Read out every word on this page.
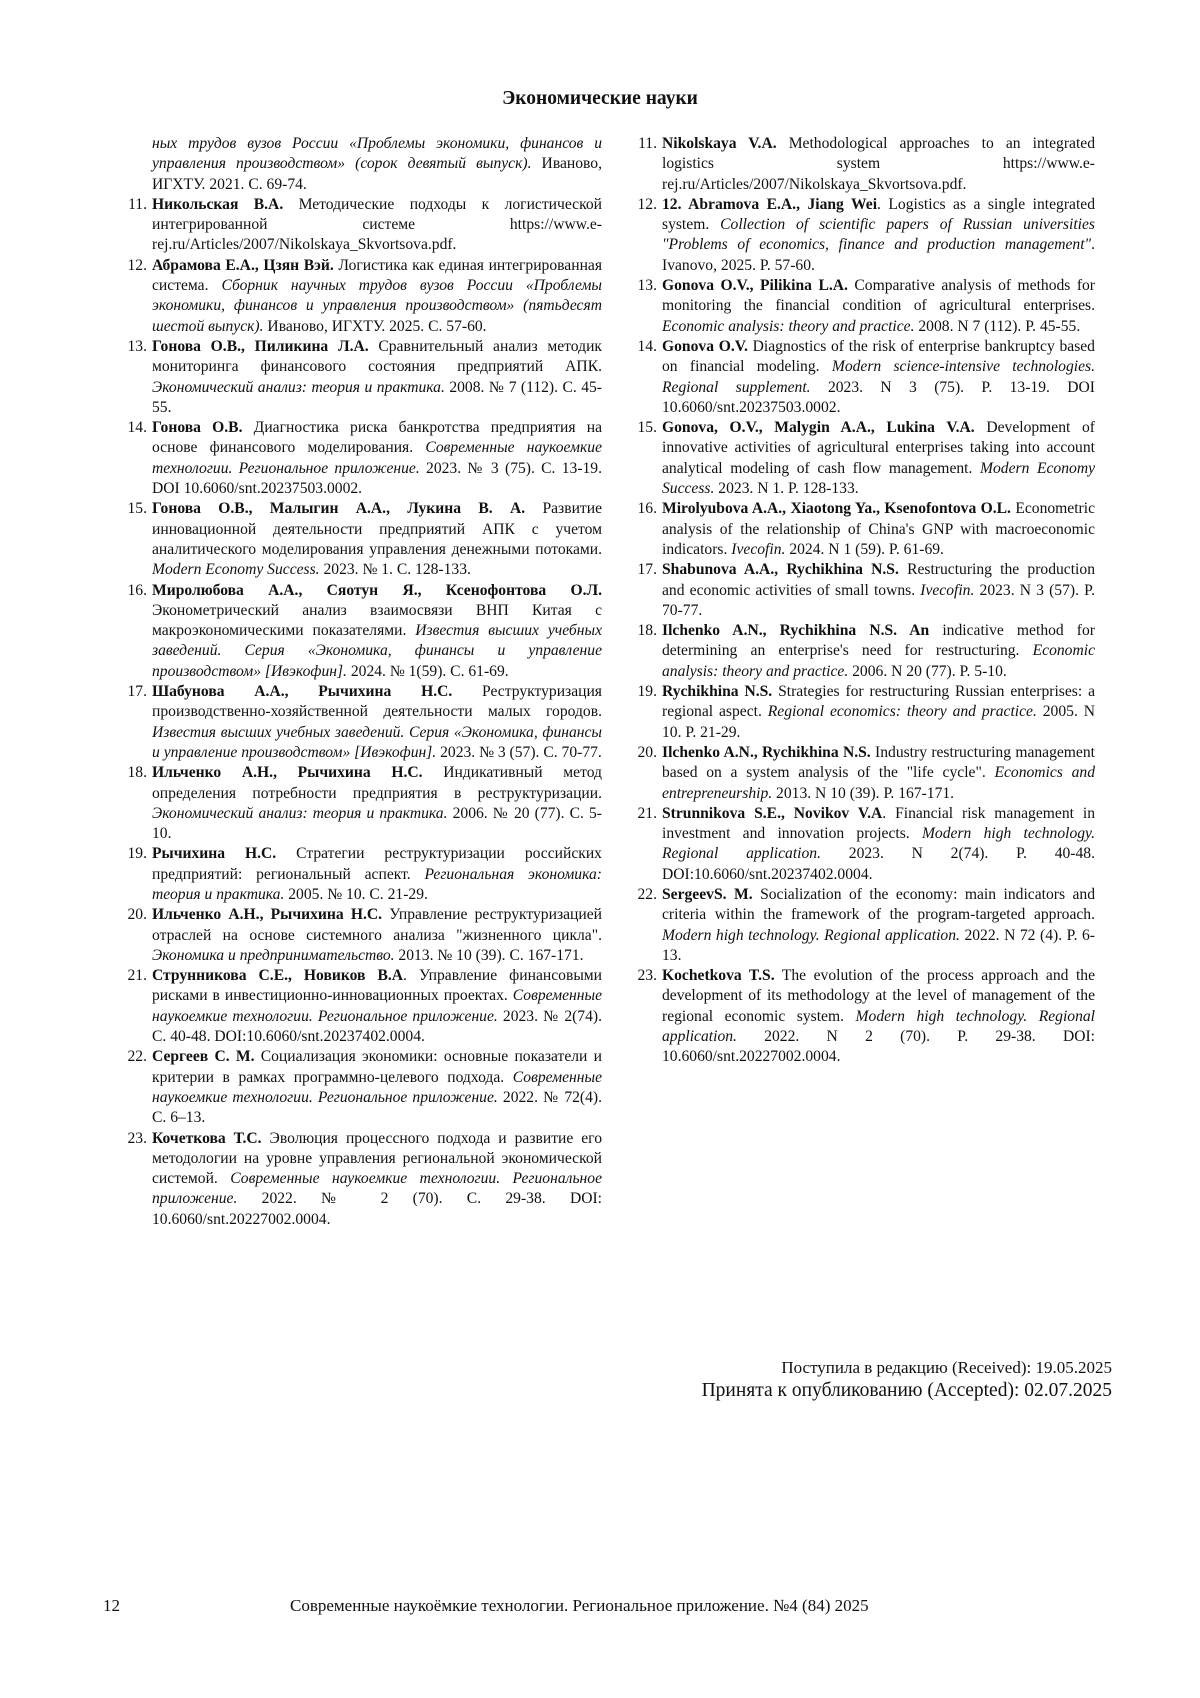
Экономические науки
ных трудов вузов России «Проблемы экономики, финансов и управления производством» (сорок девятый выпуск). Иваново, ИГХТУ. 2021. С. 69-74.
11. Никольская В.А. Методические подходы к логистической интегрированной системе https://www.e-rej.ru/Articles/2007/Nikolskaya_Skvortsova.pdf.
12. Абрамова Е.А., Цзян Вэй. Логистика как единая интегрированная система. Сборник научных трудов вузов России «Проблемы экономики, финансов и управления производством» (пятьдесят шестой выпуск). Иваново, ИГХТУ. 2025. С. 57-60.
13. Гонова О.В., Пиликина Л.А. Сравнительный анализ методик мониторинга финансового состояния предприятий АПК. Экономический анализ: теория и практика. 2008. № 7 (112). С. 45-55.
14. Гонова О.В. Диагностика риска банкротства предприятия на основе финансового моделирования. Современные наукоемкие технологии. Региональное приложение. 2023. № 3 (75). С. 13-19. DOI 10.6060/snt.20237503.0002.
15. Гонова О.В., Малыгин А.А., Лукина В. А. Развитие инновационной деятельности предприятий АПК с учетом аналитического моделирования управления денежными потоками. Modern Economy Success. 2023. № 1. С. 128-133.
16. Миролюбова А.А., Сяотун Я., Ксенофонтова О.Л. Эконометрический анализ взаимосвязи ВНП Китая с макроэкономическими показателями. Известия высших учебных заведений. Серия «Экономика, финансы и управление производством» [Ивэкофин]. 2024. № 1(59). С. 61-69.
17. Шабунова А.А., Рычихина Н.С. Реструктуризация производственно-хозяйственной деятельности малых городов. Известия высших учебных заведений. Серия «Экономика, финансы и управление производством» [Ивэкофин]. 2023. № 3 (57). С. 70-77.
18. Ильченко А.Н., Рычихина Н.С. Индикативный метод определения потребности предприятия в реструктуризации. Экономический анализ: теория и практика. 2006. № 20 (77). С. 5-10.
19. Рычихина Н.С. Стратегии реструктуризации российских предприятий: региональный аспект. Региональная экономика: теория и практика. 2005. № 10. С. 21-29.
20. Ильченко А.Н., Рычихина Н.С. Управление реструктуризацией отраслей на основе системного анализа "жизненного цикла". Экономика и предпринимательство. 2013. № 10 (39). С. 167-171.
21. Струнникова С.Е., Новиков В.А. Управление финансовыми рисками в инвестиционно-инновационных проектах. Современные наукоемкие технологии. Региональное приложение. 2023. № 2(74). С. 40-48. DOI:10.6060/snt.20237402.0004.
22. Сергеев С. М. Социализация экономики: основные показатели и критерии в рамках программно-целевого подхода. Современные наукоемкие технологии. Региональное приложение. 2022. № 72(4). С. 6–13.
23. Кочеткова Т.С. Эволюция процессного подхода и развитие его методологии на уровне управления региональной экономической системой. Современные наукоемкие технологии. Региональное приложение. 2022. № 2 (70). С. 29-38. DOI: 10.6060/snt.20227002.0004.
11. Nikolskaya V.A. Methodological approaches to an integrated logistics system https://www.e-rej.ru/Articles/2007/Nikolskaya_Skvortsova.pdf.
12. 12. Abramova E.A., Jiang Wei. Logistics as a single integrated system. Collection of scientific papers of Russian universities "Problems of economics, finance and production management". Ivanovo, 2025. P. 57-60.
13. Gonova O.V., Pilikina L.A. Comparative analysis of methods for monitoring the financial condition of agricultural enterprises. Economic analysis: theory and practice. 2008. N 7 (112). P. 45-55.
14. Gonova O.V. Diagnostics of the risk of enterprise bankruptcy based on financial modeling. Modern science-intensive technologies. Regional supplement. 2023. N 3 (75). P. 13-19. DOI 10.6060/snt.20237503.0002.
15. Gonova, O.V., Malygin A.A., Lukina V.A. Development of innovative activities of agricultural enterprises taking into account analytical modeling of cash flow management. Modern Economy Success. 2023. N 1. P. 128-133.
16. Mirolyubova A.A., Xiaotong Ya., Ksenofontova O.L. Econometric analysis of the relationship of China's GNP with macroeconomic indicators. Ivecofin. 2024. N 1 (59). P. 61-69.
17. Shabunova A.A., Rychikhina N.S. Restructuring the production and economic activities of small towns. Ivecofin. 2023. N 3 (57). P. 70-77.
18. Ilchenko A.N., Rychikhina N.S. An indicative method for determining an enterprise's need for restructuring. Economic analysis: theory and practice. 2006. N 20 (77). P. 5-10.
19. Rychikhina N.S. Strategies for restructuring Russian enterprises: a regional aspect. Regional economics: theory and practice. 2005. N 10. P. 21-29.
20. Ilchenko A.N., Rychikhina N.S. Industry restructuring management based on a system analysis of the "life cycle". Economics and entrepreneurship. 2013. N 10 (39). P. 167-171.
21. Strunnikova S.E., Novikov V.A. Financial risk management in investment and innovation projects. Modern high technology. Regional application. 2023. N 2(74). P. 40-48. DOI:10.6060/snt.20237402.0004.
22. SergeevS. M. Socialization of the economy: main indicators and criteria within the framework of the program-targeted approach. Modern high technology. Regional application. 2022. N 72 (4). P. 6-13.
23. Kochetkova T.S. The evolution of the process approach and the development of its methodology at the level of management of the regional economic system. Modern high technology. Regional application. 2022. N 2 (70). P. 29-38. DOI: 10.6060/snt.20227002.0004.
Поступила в редакцию (Received): 19.05.2025
Принята к опубликованию (Accepted): 02.07.2025
12	Современные наукоёмкие технологии. Региональное приложение. №4 (84) 2025
